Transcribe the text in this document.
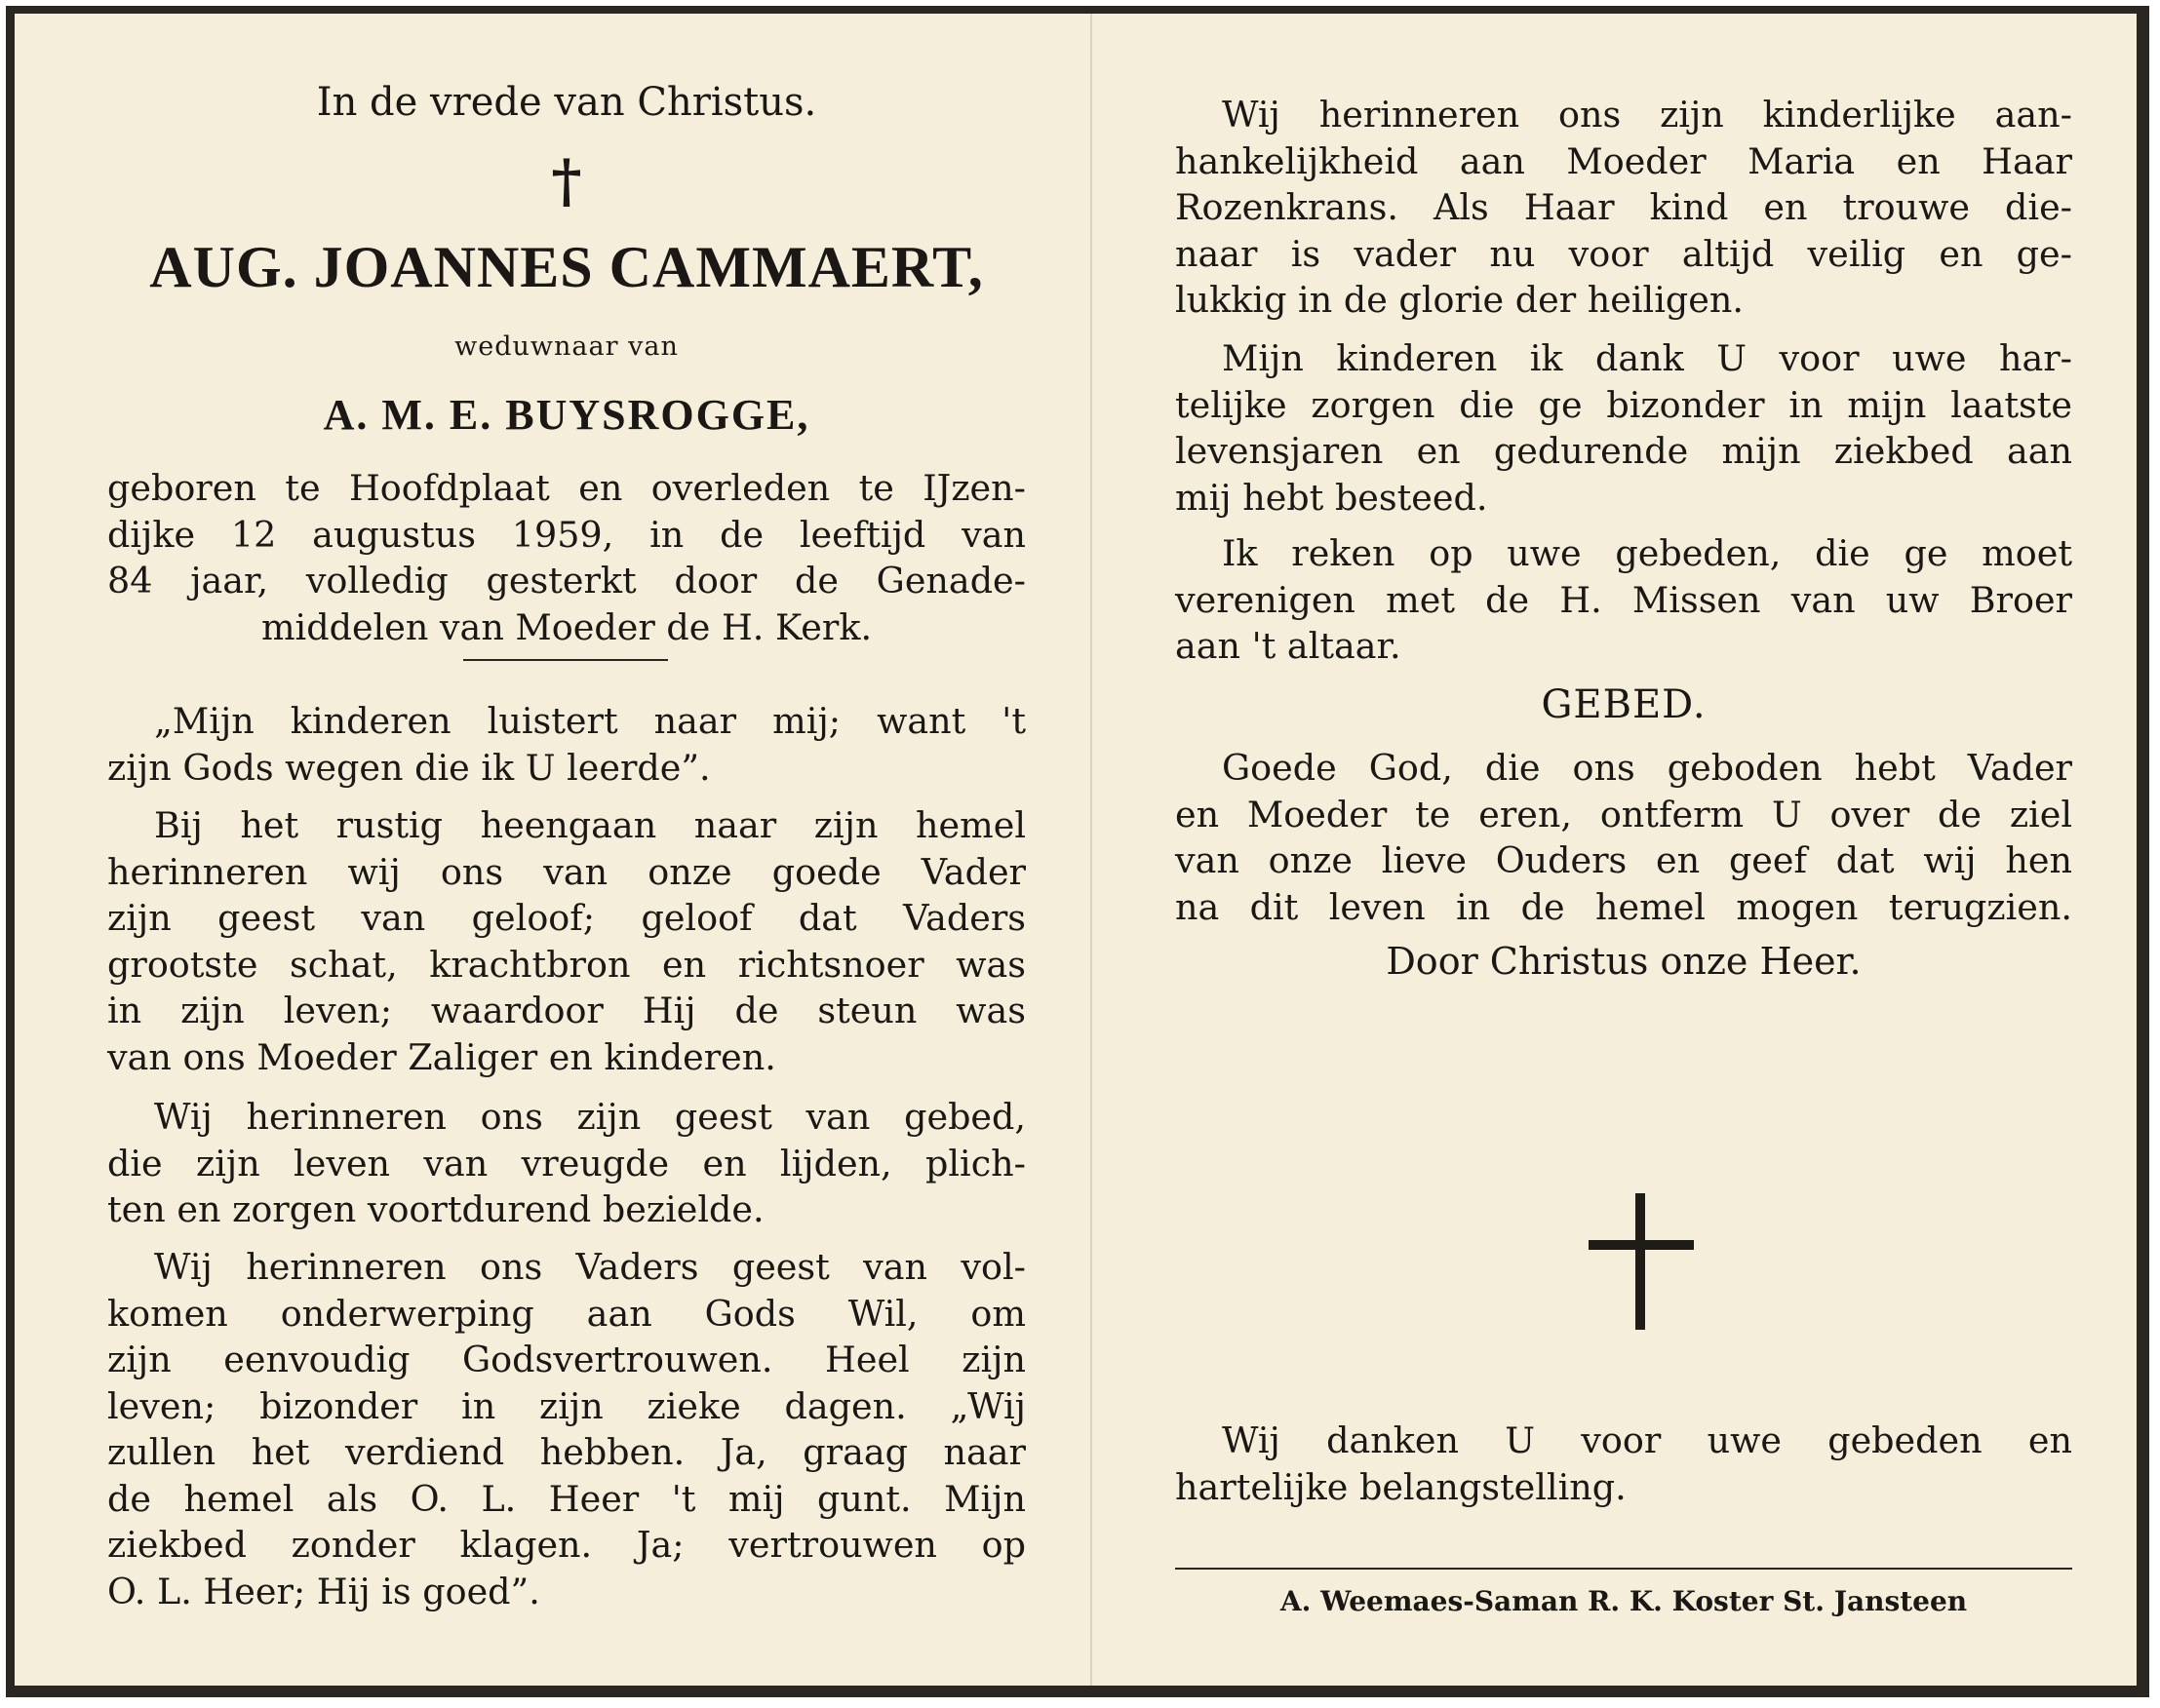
In de vrede van Christus.
†
AUG. JOANNES CAMMAERT,
weduwnaar van
A. M. E. BUYSROGGE,
geboren te Hoofdplaat en overleden te IJzen-
dijke 12 augustus 1959, in de leeftijd van
84 jaar, volledig gesterkt door de Genade-
middelen van Moeder de H. Kerk.
„Mijn kinderen luistert naar mij; want 't
zijn Gods wegen die ik U leerde”.
Bij het rustig heengaan naar zijn hemel
herinneren wij ons van onze goede Vader
zijn geest van geloof; geloof dat Vaders
grootste schat, krachtbron en richtsnoer was
in zijn leven; waardoor Hij de steun was
van ons Moeder Zaliger en kinderen.
Wij herinneren ons zijn geest van gebed,
die zijn leven van vreugde en lijden, plich-
ten en zorgen voortdurend bezielde.
Wij herinneren ons Vaders geest van vol-
komen onderwerping aan Gods Wil, om
zijn eenvoudig Godsvertrouwen. Heel zijn
leven; bizonder in zijn zieke dagen. „Wij
zullen het verdiend hebben. Ja, graag naar
de hemel als O. L. Heer 't mij gunt. Mijn
ziekbed zonder klagen. Ja; vertrouwen op
O. L. Heer; Hij is goed”.
Wij herinneren ons zijn kinderlijke aan-
hankelijkheid aan Moeder Maria en Haar
Rozenkrans. Als Haar kind en trouwe die-
naar is vader nu voor altijd veilig en ge-
lukkig in de glorie der heiligen.
Mijn kinderen ik dank U voor uwe har-
telijke zorgen die ge bizonder in mijn laatste
levensjaren en gedurende mijn ziekbed aan
mij hebt besteed.
Ik reken op uwe gebeden, die ge moet
verenigen met de H. Missen van uw Broer
aan 't altaar.
GEBED.
Goede God, die ons geboden hebt Vader
en Moeder te eren, ontferm U over de ziel
van onze lieve Ouders en geef dat wij hen
na dit leven in de hemel mogen terugzien.
Door Christus onze Heer.
Wij danken U voor uwe gebeden en
hartelijke belangstelling.
A. Weemaes-Saman R. K. Koster St. Jansteen
